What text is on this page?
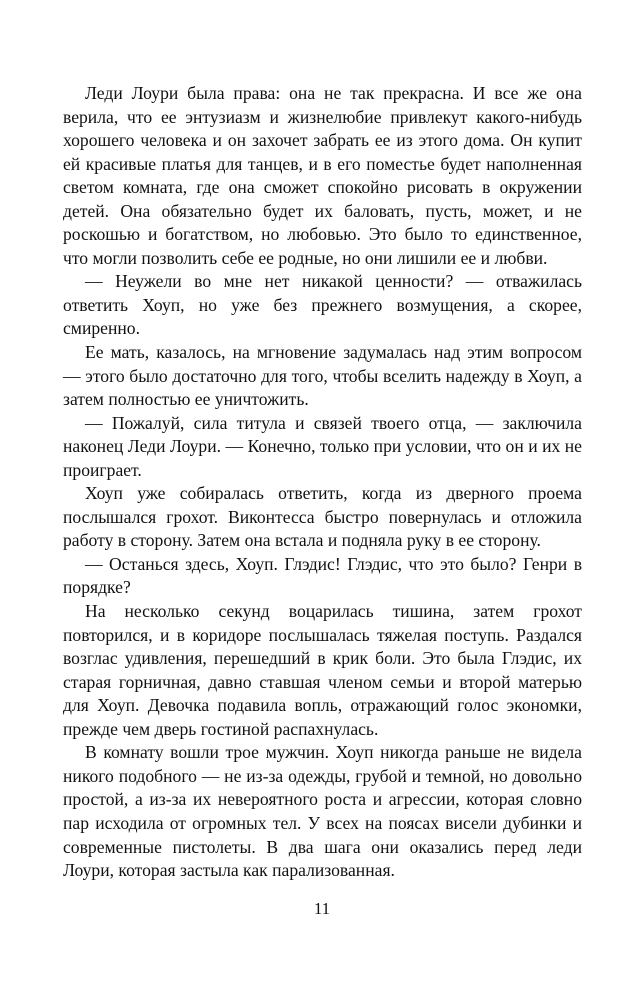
Леди Лоури была права: она не так прекрасна. И все же она верила, что ее энтузиазм и жизнелюбие привлекут какого-нибудь хорошего человека и он захочет забрать ее из этого дома. Он купит ей красивые платья для танцев, и в его поместье будет наполненная светом комната, где она сможет спокойно рисовать в окружении детей. Она обязательно будет их баловать, пусть, может, и не роскошью и богатством, но любовью. Это было то единственное, что могли позволить себе ее родные, но они лишили ее и любви.

— Неужели во мне нет никакой ценности? — отважилась ответить Хоуп, но уже без прежнего возмущения, а скорее, смиренно.

Ее мать, казалось, на мгновение задумалась над этим вопросом — этого было достаточно для того, чтобы вселить надежду в Хоуп, а затем полностью ее уничтожить.

— Пожалуй, сила титула и связей твоего отца, — заключила наконец Леди Лоури. — Конечно, только при условии, что он и их не проиграет.

Хоуп уже собиралась ответить, когда из дверного проема послышался грохот. Виконтесса быстро повернулась и отложила работу в сторону. Затем она встала и подняла руку в ее сторону.

— Останься здесь, Хоуп. Глэдис! Глэдис, что это было? Генри в порядке?

На несколько секунд воцарилась тишина, затем грохот повторился, и в коридоре послышалась тяжелая поступь. Раздался возглас удивления, перешедший в крик боли. Это была Глэдис, их старая горничная, давно ставшая членом семьи и второй матерью для Хоуп. Девочка подавила вопль, отражающий голос экономки, прежде чем дверь гостиной распахнулась.

В комнату вошли трое мужчин. Хоуп никогда раньше не видела никого подобного — не из-за одежды, грубой и темной, но довольно простой, а из-за их невероятного роста и агрессии, которая словно пар исходила от огромных тел. У всех на поясах висели дубинки и современные пистолеты. В два шага они оказались перед леди Лоури, которая застыла как парализованная.

11
